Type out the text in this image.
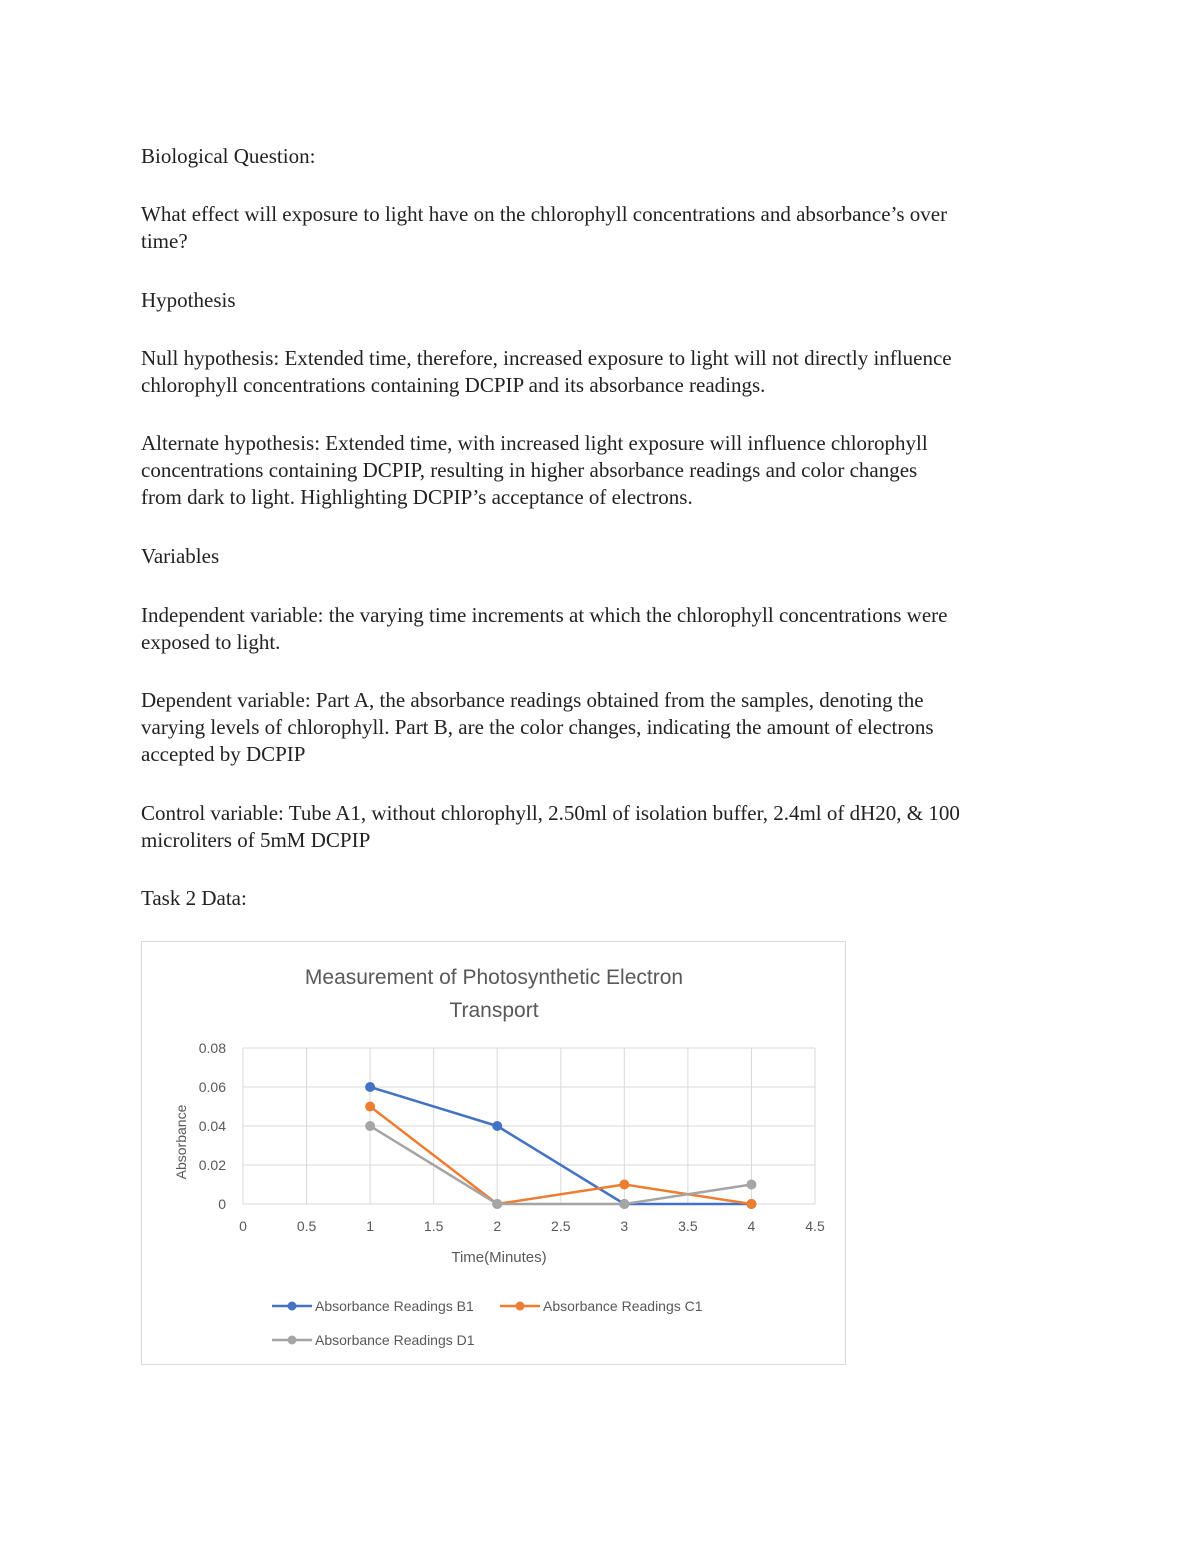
Biological Question:
What effect will exposure to light have on the chlorophyll concentrations and absorbance’s over
time?
Hypothesis
Null hypothesis: Extended time, therefore, increased exposure to light will not directly influence
chlorophyll concentrations containing DCPIP and its absorbance readings.
Alternate hypothesis: Extended time, with increased light exposure will influence chlorophyll
concentrations containing DCPIP, resulting in higher absorbance readings and color changes
from dark to light. Highlighting DCPIP’s acceptance of electrons.
Variables
Independent variable: the varying time increments at which the chlorophyll concentrations were
exposed to light.
Dependent variable: Part A, the absorbance readings obtained from the samples, denoting the
varying levels of chlorophyll. Part B, are the color changes, indicating the amount of electrons
accepted by DCPIP
Control variable: Tube A1, without chlorophyll, 2.50ml of isolation buffer, 2.4ml of dH20, & 100
microliters of 5mM DCPIP
Task 2 Data:
Measurement of Photosynthetic Electron
Transport
0	0.5	1	1.5	2	2.5	3	3.5	4	4.5
0
0.02
0.04
0.06
0.08
Absorbance
Time(Minutes)
Absorbance Readings B1	Absorbance Readings C1
Absorbance Readings D1
